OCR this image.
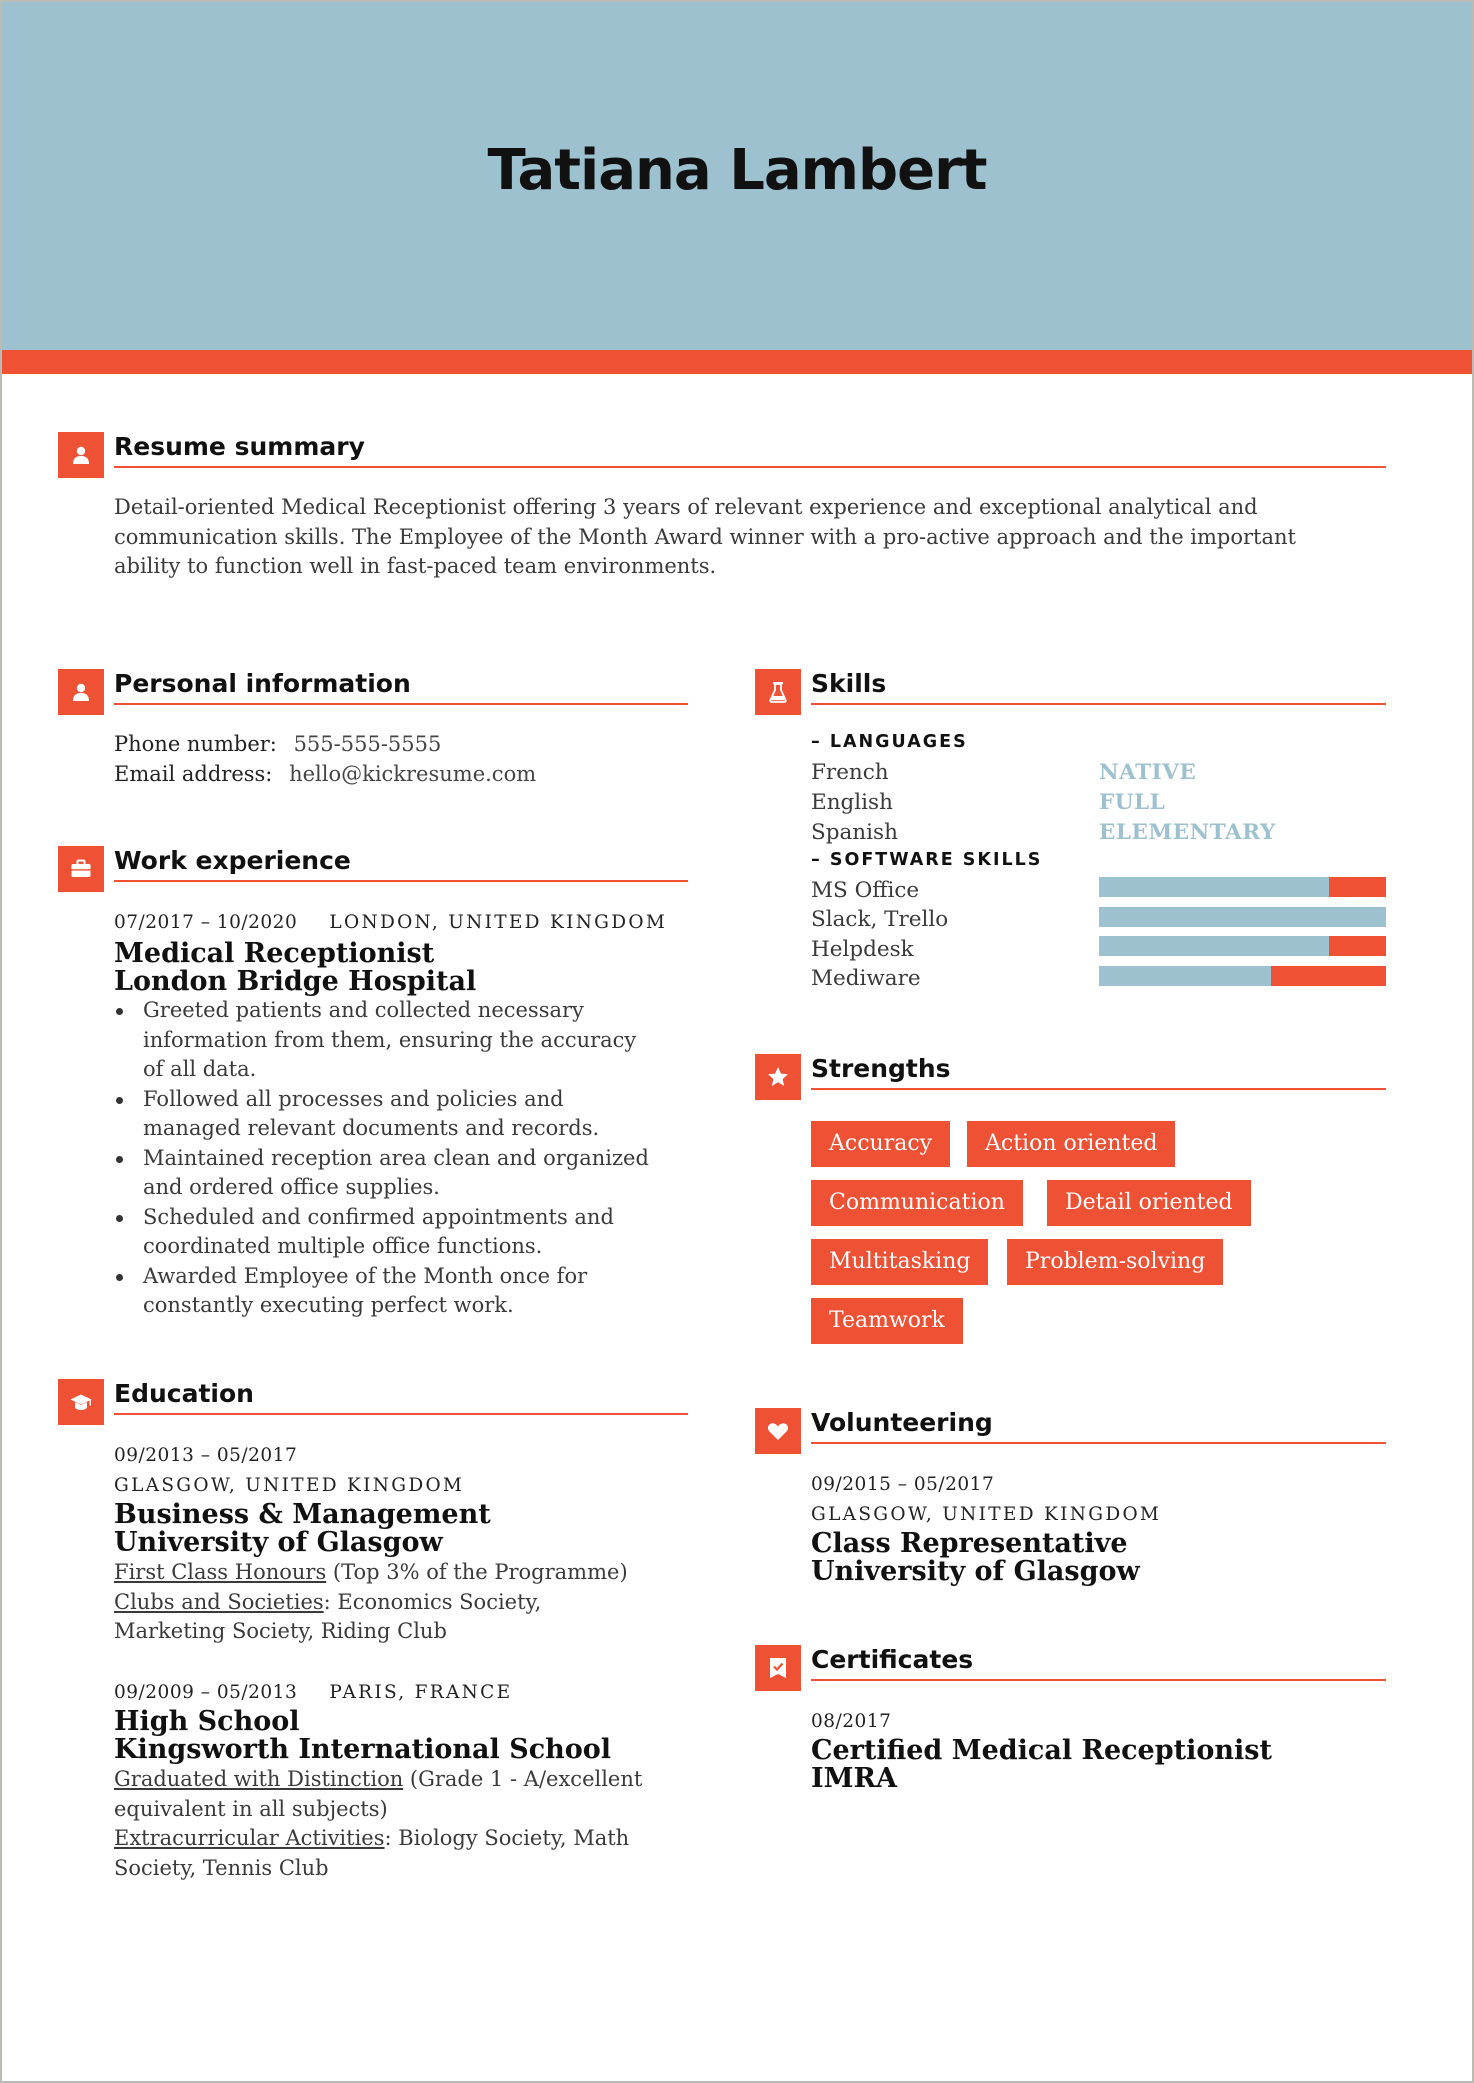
Tatiana Lambert
Resume summary
Detail-oriented Medical Receptionist offering 3 years of relevant experience and exceptional analytical and
communication skills. The Employee of the Month Award winner with a pro-active approach and the important
ability to function well in fast-paced team environments.
Personal information
Phone number: 555-555-5555
Email address: hello@kickresume.com
Work experience
07/2017 – 10/2020 LONDON, UNITED KINGDOM
Medical Receptionist
London Bridge Hospital
Greeted patients and collected necessary
information from them, ensuring the accuracy
of all data.
Followed all processes and policies and
managed relevant documents and records.
Maintained reception area clean and organized
and ordered office supplies.
Scheduled and confirmed appointments and
coordinated multiple office functions.
Awarded Employee of the Month once for
constantly executing perfect work.
Education
09/2013 – 05/2017
GLASGOW, UNITED KINGDOM
Business & Management
University of Glasgow
First Class Honours (Top 3% of the Programme)
Clubs and Societies: Economics Society,
Marketing Society, Riding Club
09/2009 – 05/2013 PARIS, FRANCE
High School
Kingsworth International School
Graduated with Distinction (Grade 1 - A/excellent
equivalent in all subjects)
Extracurricular Activities: Biology Society, Math
Society, Tennis Club
Skills
– LANGUAGES
French	NATIVE
English	FULL
Spanish	ELEMENTARY
– SOFTWARE SKILLS
MS Office
Slack, Trello
Helpdesk
Mediware
Strengths
Accuracy	Action oriented
Communication	Detail oriented
Multitasking	Problem-solving
Teamwork
Volunteering
09/2015 – 05/2017
GLASGOW, UNITED KINGDOM
Class Representative
University of Glasgow
Certificates
08/2017
Certified Medical Receptionist
IMRA
